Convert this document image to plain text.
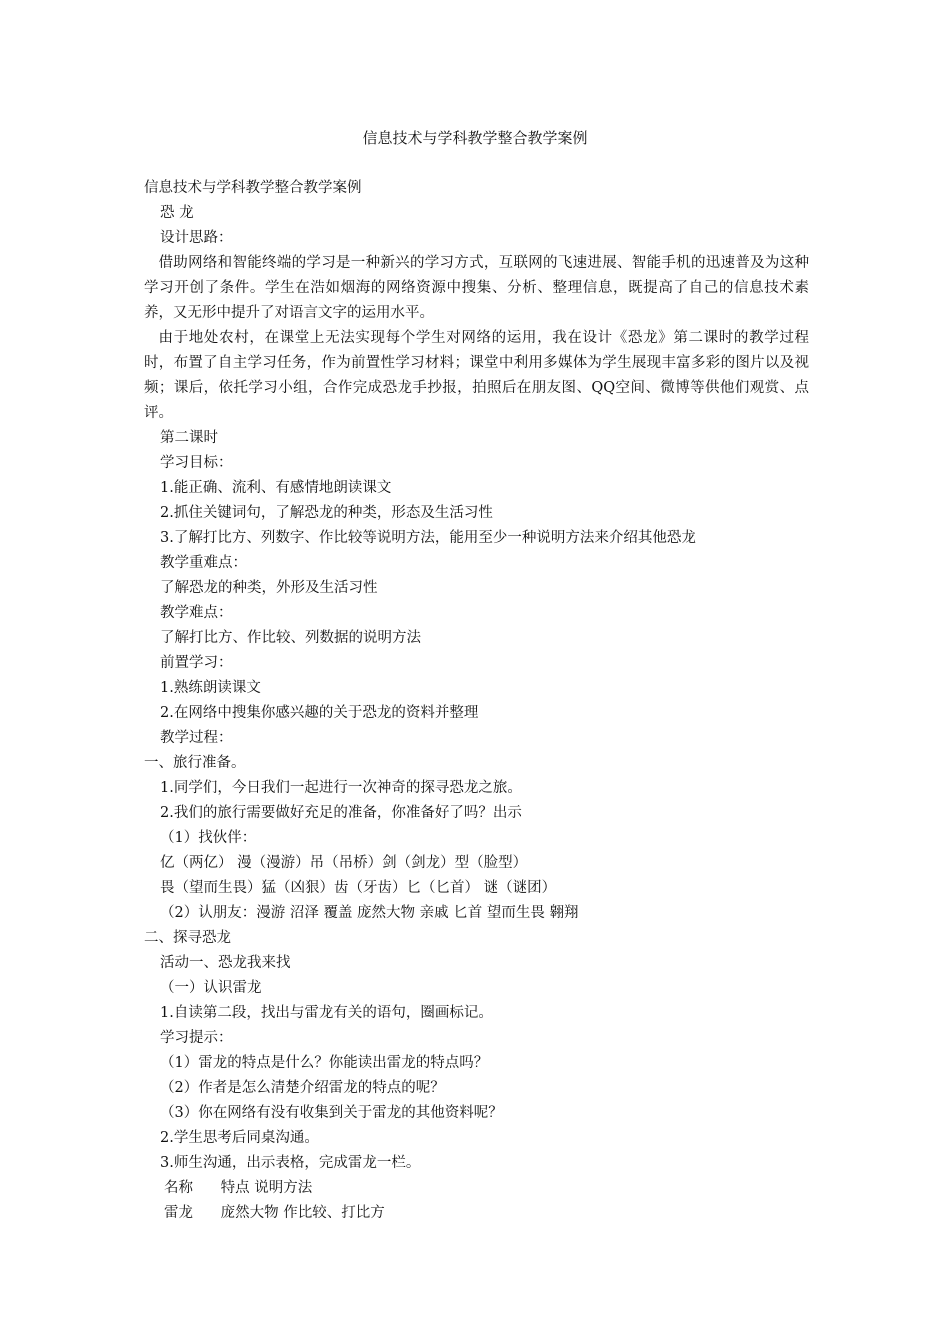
信息技术与学科教学整合教学案例
信息技术与学科教学整合教学案例
恐 龙
设计思路：
借助网络和智能终端的学习是一种新兴的学习方式，互联网的飞速进展、智能手机的迅速普及为这种学习开创了条件。学生在浩如烟海的网络资源中搜集、分析、整理信息，既提高了自己的信息技术素养，又无形中提升了对语言文字的运用水平。
由于地处农村，在课堂上无法实现每个学生对网络的运用，我在设计《恐龙》第二课时的教学过程时，布置了自主学习任务，作为前置性学习材料；课堂中利用多媒体为学生展现丰富多彩的图片以及视频；课后，依托学习小组，合作完成恐龙手抄报，拍照后在朋友图、QQ空间、微博等供他们观赏、点评。
第二课时
学习目标：
1.能正确、流利、有感情地朗读课文
2.抓住关键词句，了解恐龙的种类，形态及生活习性
3.了解打比方、列数字、作比较等说明方法，能用至少一种说明方法来介绍其他恐龙
教学重难点：
了解恐龙的种类，外形及生活习性
教学难点：
了解打比方、作比较、列数据的说明方法
前置学习：
1.熟练朗读课文
2.在网络中搜集你感兴趣的关于恐龙的资料并整理
教学过程：
一、旅行准备。
1.同学们，今日我们一起进行一次神奇的探寻恐龙之旅。
2.我们的旅行需要做好充足的准备，你准备好了吗？出示
（1）找伙伴：
亿（两亿） 漫（漫游）吊（吊桥）剑（剑龙）型（脸型）
畏（望而生畏）猛（凶狠）齿（牙齿）匕（匕首） 谜（谜团）
（2）认朋友：漫游 沼泽 覆盖 庞然大物 亲戚 匕首 望而生畏 翱翔
二、探寻恐龙
活动一、恐龙我来找
（一）认识雷龙
1.自读第二段，找出与雷龙有关的语句，圈画标记。
学习提示：
（1）雷龙的特点是什么？你能读出雷龙的特点吗？
（2）作者是怎么清楚介绍雷龙的特点的呢？
（3）你在网络有没有收集到关于雷龙的其他资料呢？
2.学生思考后同桌沟通。
3.师生沟通，出示表格，完成雷龙一栏。
名称 特点 说明方法
雷龙 庞然大物 作比较、打比方
